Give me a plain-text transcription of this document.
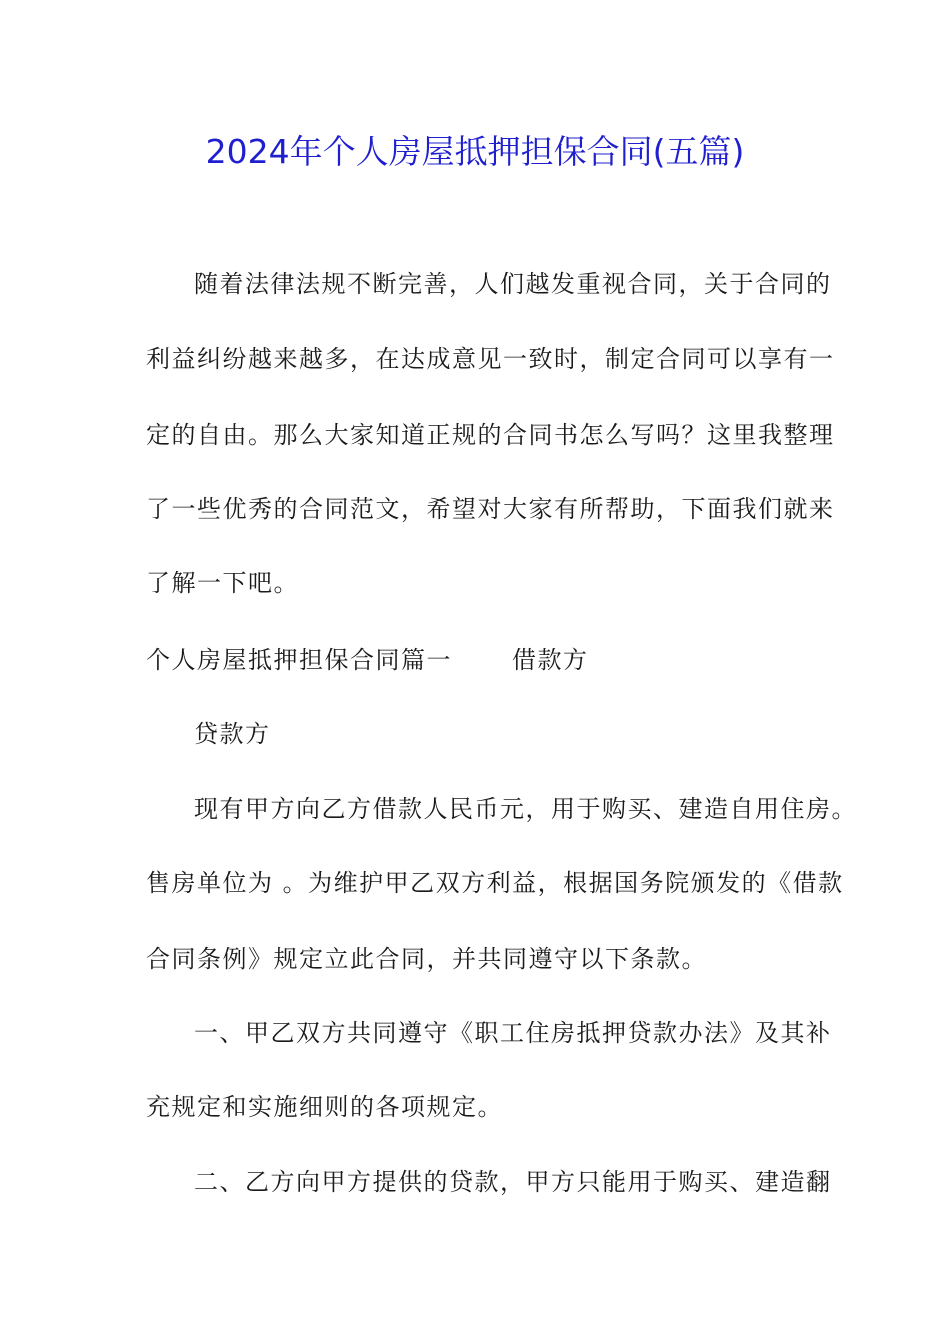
2024年个人房屋抵押担保合同(五篇)
随着法律法规不断完善，人们越发重视合同，关于合同的
利益纠纷越来越多，在达成意见一致时，制定合同可以享有一
定的自由。那么大家知道正规的合同书怎么写吗？这里我整理
了一些优秀的合同范文，希望对大家有所帮助，下面我们就来
了解一下吧。
个人房屋抵押担保合同篇一	借款方
贷款方
现有甲方向乙方借款人民币元，用于购买、建造自用住房。
售房单位为 。为维护甲乙双方利益，根据国务院颁发的《借款
合同条例》规定立此合同，并共同遵守以下条款。
一、甲乙双方共同遵守《职工住房抵押贷款办法》及其补
充规定和实施细则的各项规定。
二、乙方向甲方提供的贷款，甲方只能用于购买、建造翻
